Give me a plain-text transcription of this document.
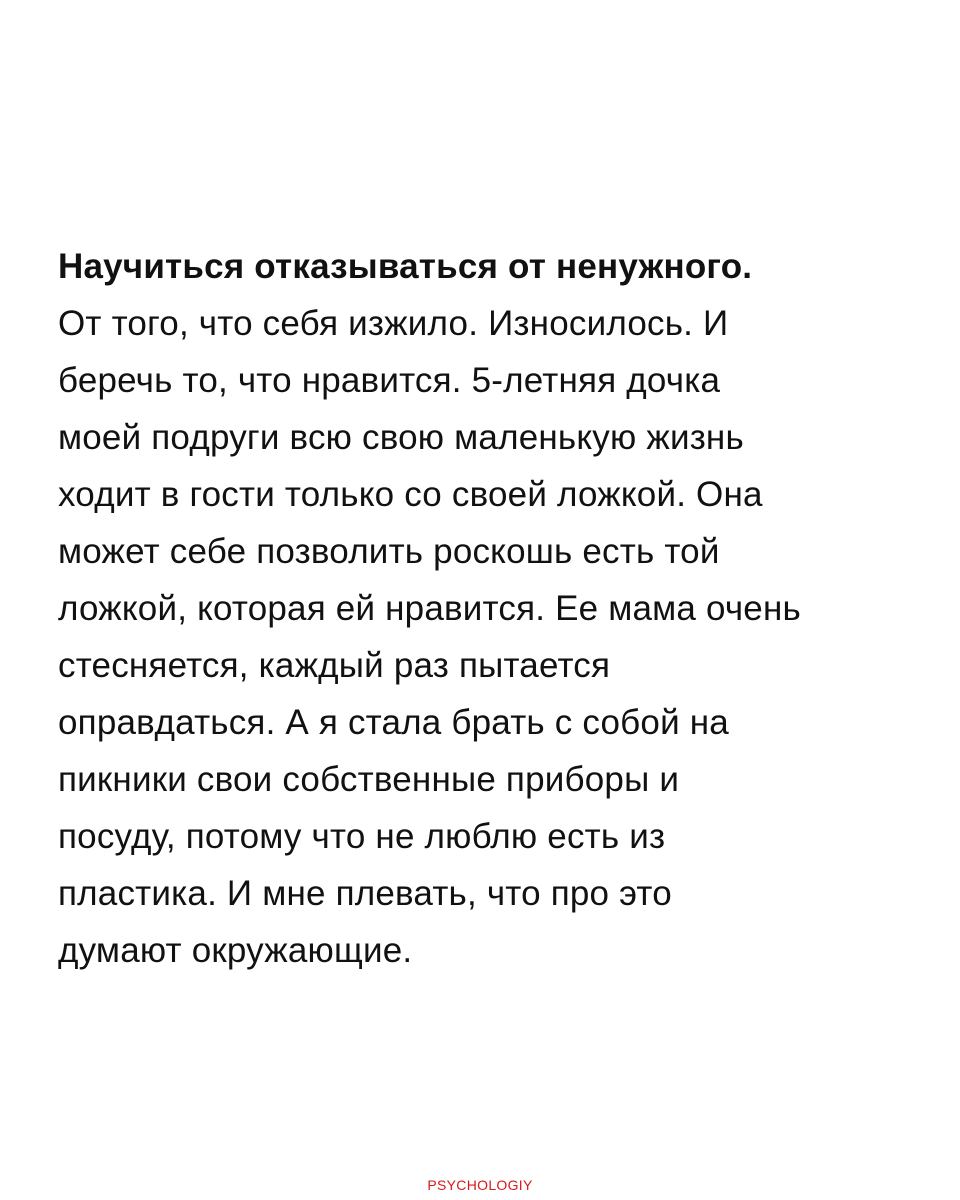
Научиться отказываться от ненужного.
От того, что себя изжило. Износилось. И
беречь то, что нравится. 5-летняя дочка
моей подруги всю свою маленькую жизнь
ходит в гости только со своей ложкой. Она
может себе позволить роскошь есть той
ложкой, которая ей нравится. Ее мама очень
стесняется, каждый раз пытается
оправдаться. А я стала брать с собой на
пикники свои собственные приборы и
посуду, потому что не люблю есть из
пластика. И мне плевать, что про это
думают окружающие.
PSYCHOLOGIY
